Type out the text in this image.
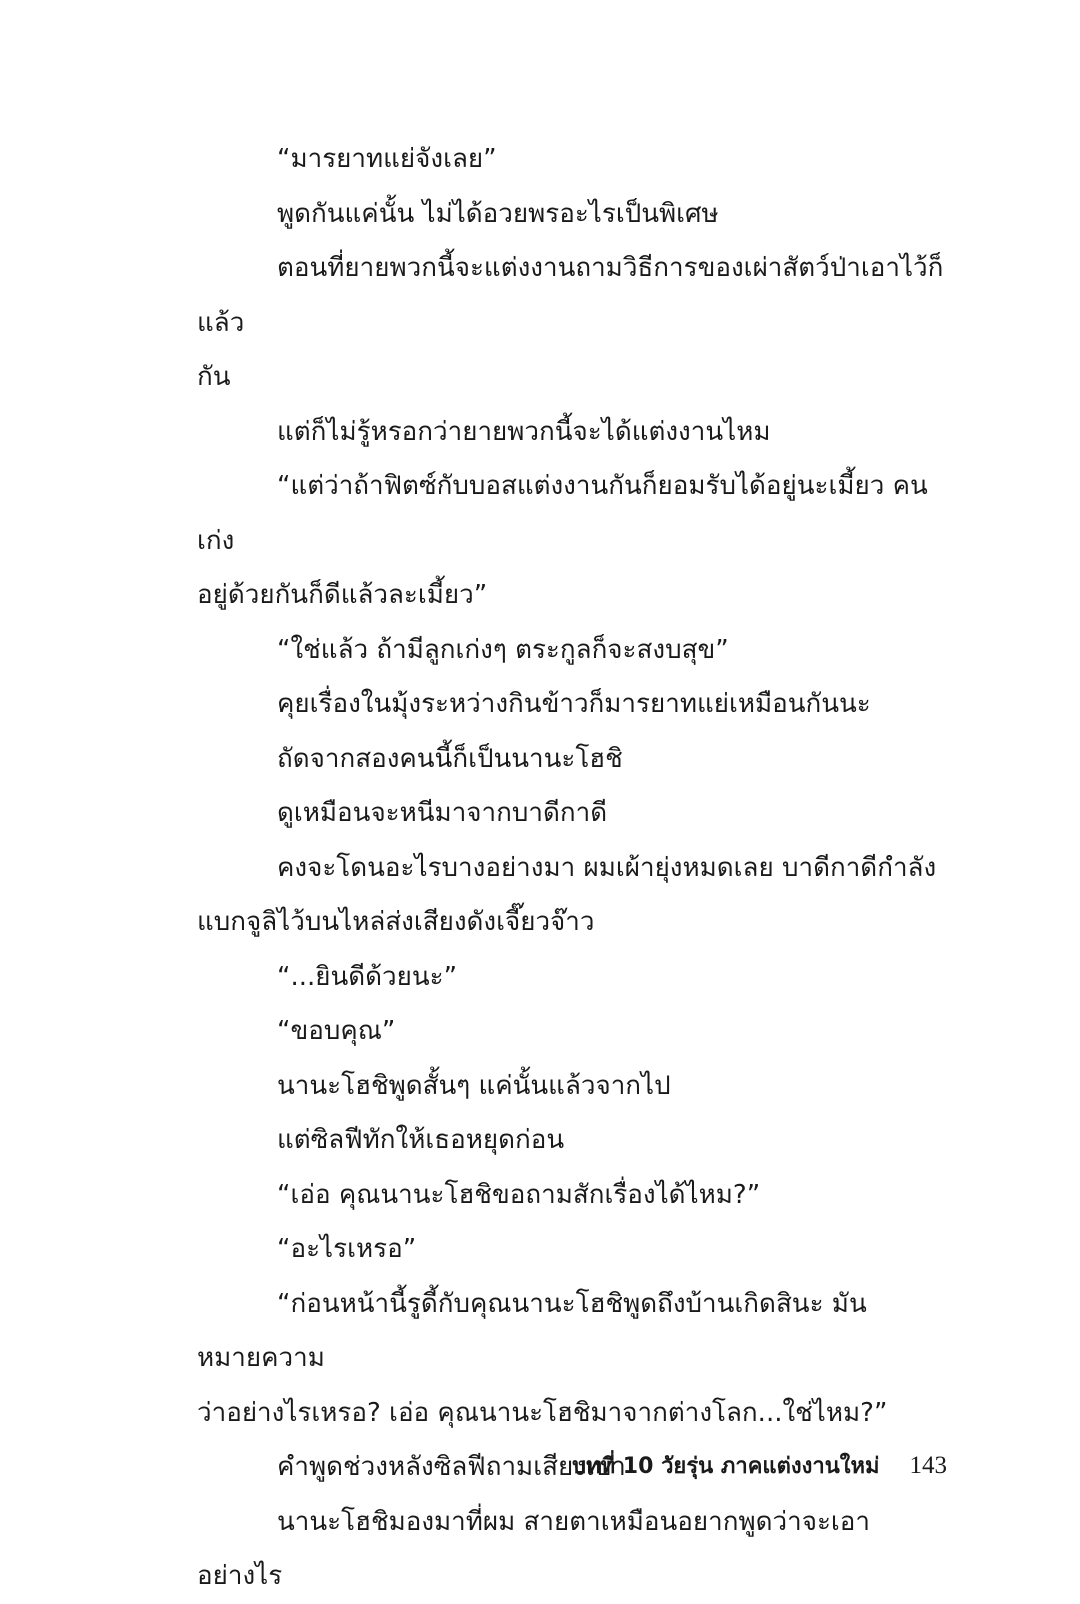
“มารยาทแย่จังเลย”

พูดกันแค่นั้น ไม่ได้อวยพรอะไรเป็นพิเศษ

ตอนที่ยายพวกนี้จะแต่งงานถามวิธีการของเผ่าสัตว์ป่าเอาไว้ก็แล้ว
กัน

แต่ก็ไม่รู้หรอกว่ายายพวกนี้จะได้แต่งงานไหม

“แต่ว่าถ้าฟิตซ์กับบอสแต่งงานกันก็ยอมรับได้อยู่นะเมี้ยว คนเก่ง
อยู่ด้วยกันก็ดีแล้วละเมี้ยว”

“ใช่แล้ว ถ้ามีลูกเก่งๆ ตระกูลก็จะสงบสุข”

คุยเรื่องในมุ้งระหว่างกินข้าวก็มารยาทแย่เหมือนกันนะ

ถัดจากสองคนนี้ก็เป็นนานะโฮชิ

ดูเหมือนจะหนีมาจากบาดีกาดี

คงจะโดนอะไรบางอย่างมา ผมเผ้ายุ่งหมดเลย บาดีกาดีกำลัง
แบกจูลิไว้บนไหล่ส่งเสียงดังเจี๊ยวจ๊าว

“...ยินดีด้วยนะ”

“ขอบคุณ”

นานะโฮชิพูดสั้นๆ แค่นั้นแล้วจากไป

แต่ซิลฟีทักให้เธอหยุดก่อน

“เอ่อ คุณนานะโฮชิขอถามสักเรื่องได้ไหม?”

“อะไรเหรอ”

“ก่อนหน้านี้รูดี้กับคุณนานะโฮชิพูดถึงบ้านเกิดสินะ มันหมายความ
ว่าอย่างไรเหรอ? เอ่อ คุณนานะโฮชิมาจากต่างโลก...ใช่ไหม?”

คำพูดช่วงหลังซิลฟีถามเสียงเบา

นานะโฮชิมองมาที่ผม สายตาเหมือนอยากพูดว่าจะเอาอย่างไร

บทที่ 10 วัยรุ่น ภาคแต่งงานใหม่ 143
